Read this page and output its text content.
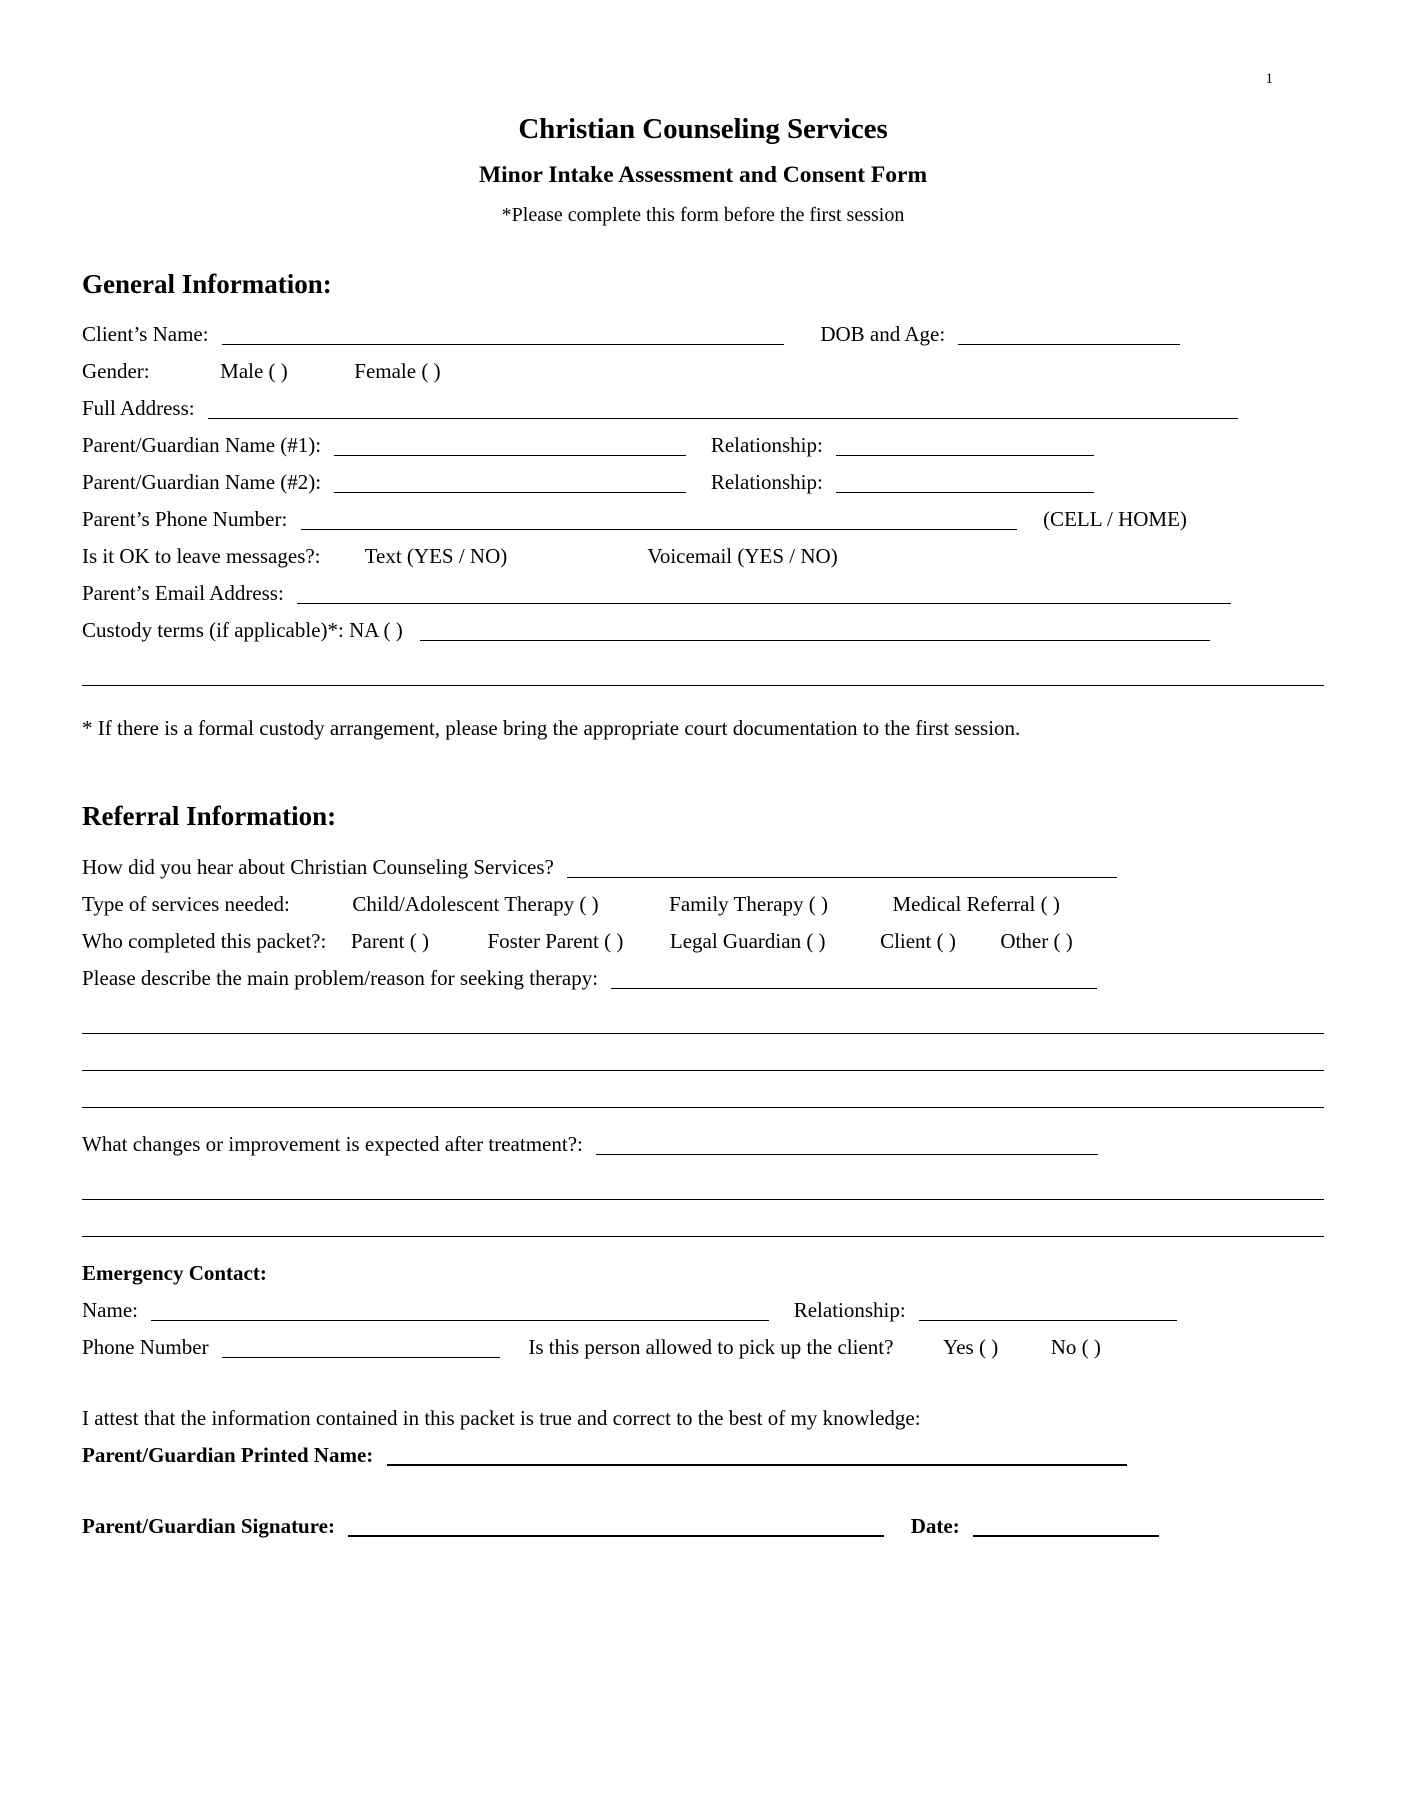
1
Christian Counseling Services
Minor Intake Assessment and Consent Form
*Please complete this form before the first session
General Information:
Client’s Name:	DOB and Age:
Gender:	Male ( )	Female ( )
Full Address:
Parent/Guardian Name (#1):	Relationship:
Parent/Guardian Name (#2):	Relationship:
Parent’s Phone Number:	(CELL / HOME)
Is it OK to leave messages?: Text (YES / NO)	Voicemail (YES / NO)
Parent’s Email Address:
Custody terms (if applicable)*: NA ( )
* If there is a formal custody arrangement, please bring the appropriate court documentation to the first session.
Referral Information:
How did you hear about Christian Counseling Services?
Type of services needed:	Child/Adolescent Therapy ( )	Family Therapy ( )	Medical Referral ( )
Who completed this packet?: Parent ( )	Foster Parent ( ) Legal Guardian ( )	Client ( ) Other ( )
Please describe the main problem/reason for seeking therapy:
What changes or improvement is expected after treatment?:
Emergency Contact:
Name:	Relationship:
Phone Number	Is this person allowed to pick up the client? Yes ( )	No ( )
I attest that the information contained in this packet is true and correct to the best of my knowledge:
Parent/Guardian Printed Name:
Parent/Guardian Signature:	Date:
